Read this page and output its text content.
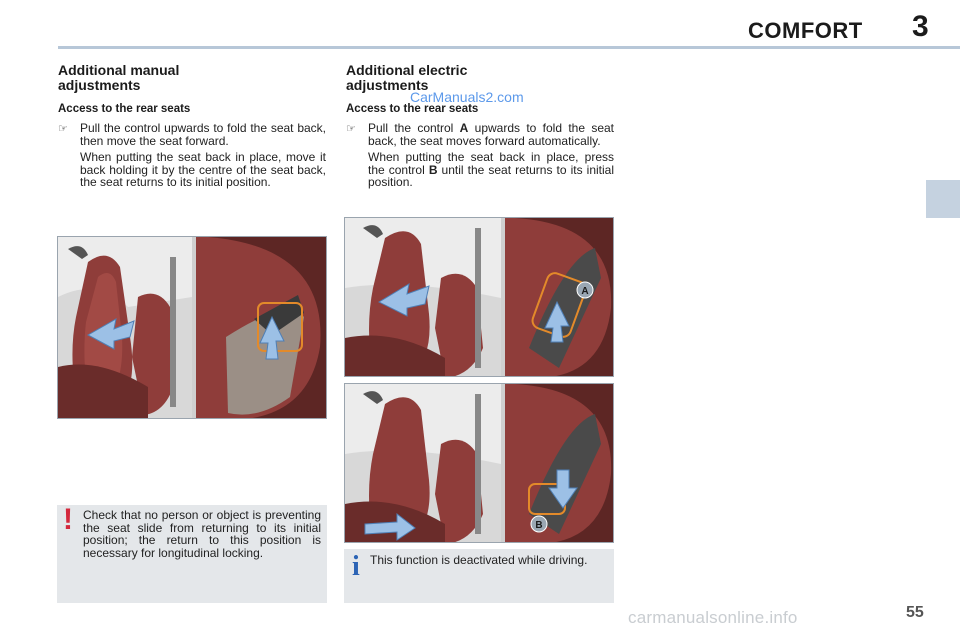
COMFORT 3
Additional manual adjustments
Access to the rear seats
☞	Pull the control upwards to fold the seat back, then move the seat forward.
When putting the seat back in place, move it back holding it by the centre of the seat back, the seat returns to its initial position.
! Check that no person or object is preventing the seat slide from returning to its initial position; the return to this position is necessary for longitudinal locking.
Additional electric adjustments
CarManuals2.com
Access to the rear seats
☞	Pull the control A upwards to fold the seat back, the seat moves forward automatically.
When putting the seat back in place, press the control B until the seat returns to its initial position.
A
B
i This function is deactivated while driving.
55
carmanualsonline.info
